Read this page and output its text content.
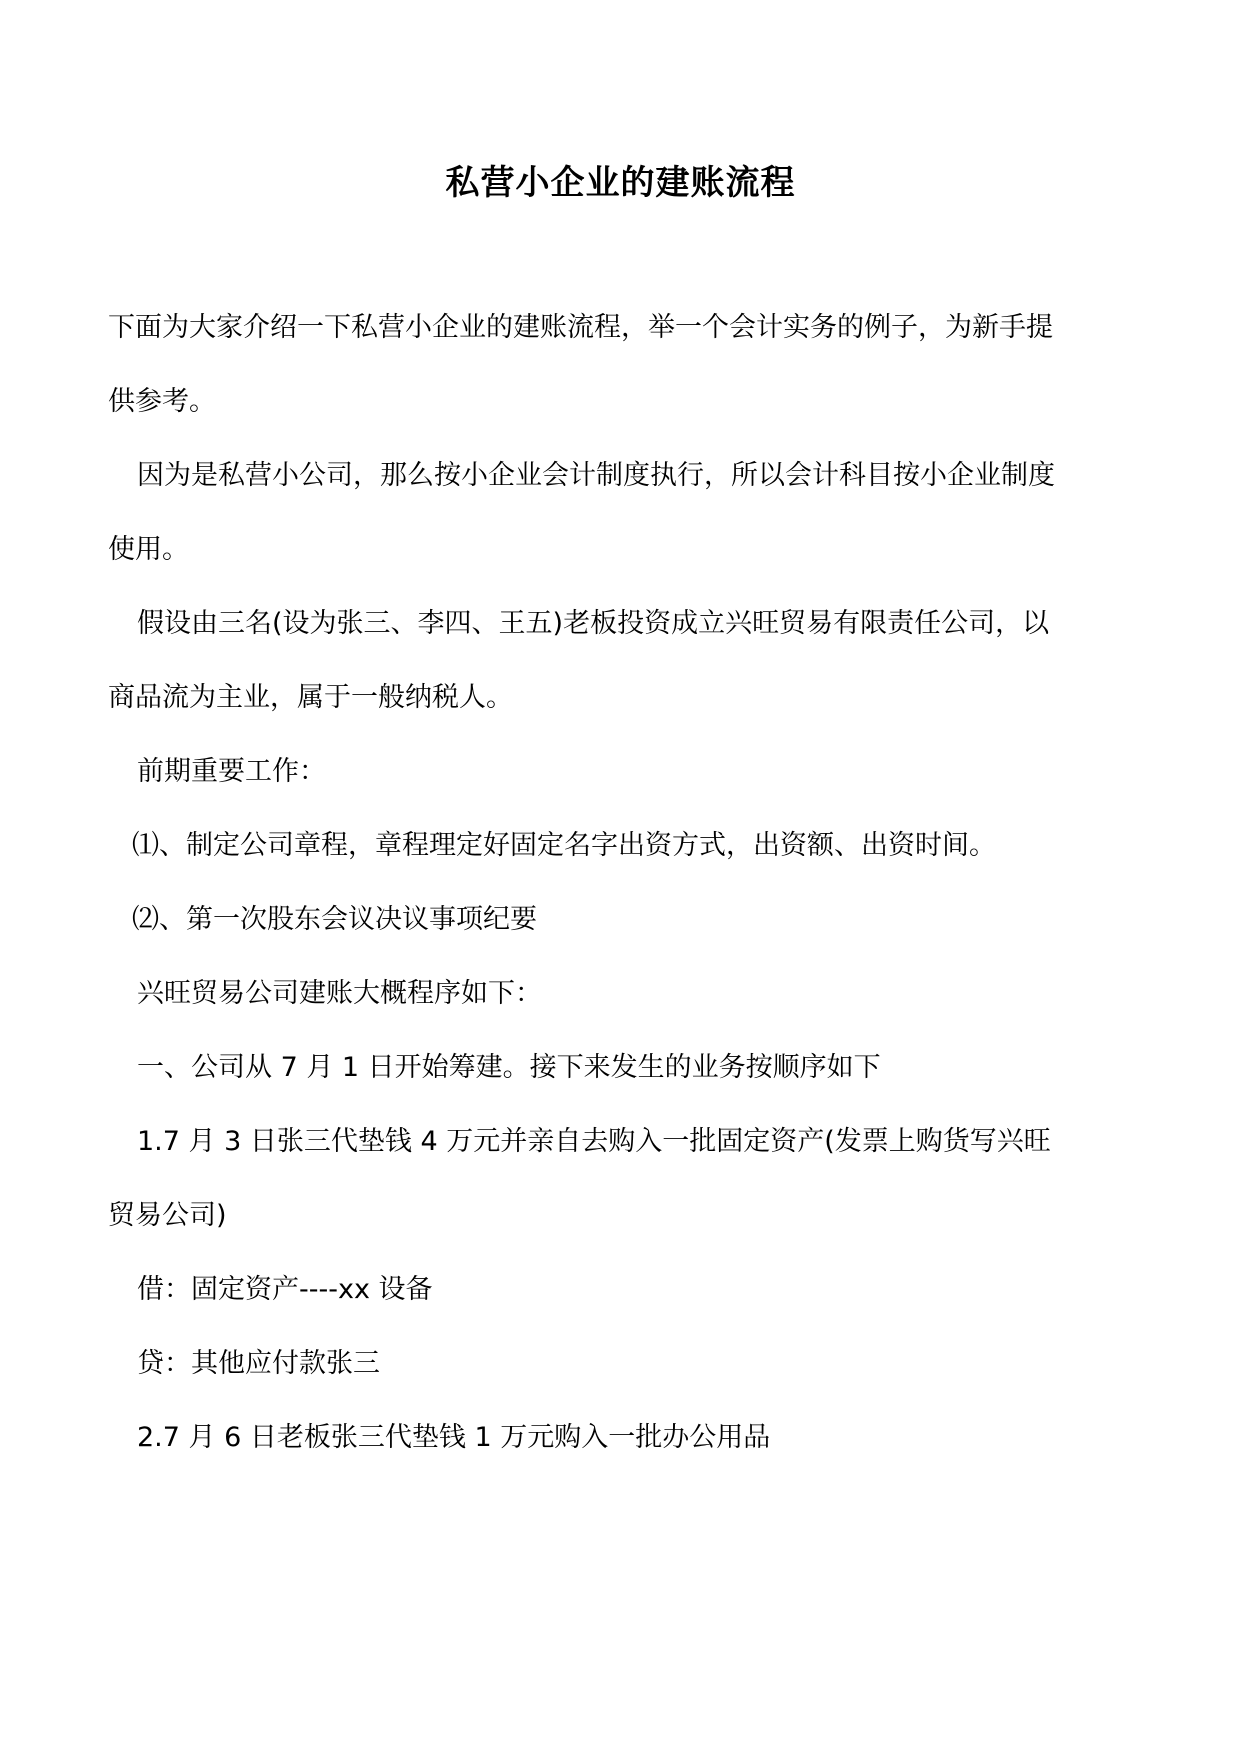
私营小企业的建账流程
下面为大家介绍一下私营小企业的建账流程，举一个会计实务的例子，为新手提
供参考。
因为是私营小公司，那么按小企业会计制度执行，所以会计科目按小企业制度
使用。
假设由三名(设为张三、李四、王五)老板投资成立兴旺贸易有限责任公司，以
商品流为主业，属于一般纳税人。
前期重要工作：
⑴、制定公司章程，章程理定好固定名字出资方式，出资额、出资时间。
⑵、第一次股东会议决议事项纪要
兴旺贸易公司建账大概程序如下：
一、公司从 7 月 1 日开始筹建。接下来发生的业务按顺序如下
1.7 月 3 日张三代垫钱 4 万元并亲自去购入一批固定资产(发票上购货写兴旺
贸易公司)
借：固定资产----xx 设备
贷：其他应付款张三
2.7 月 6 日老板张三代垫钱 1 万元购入一批办公用品
